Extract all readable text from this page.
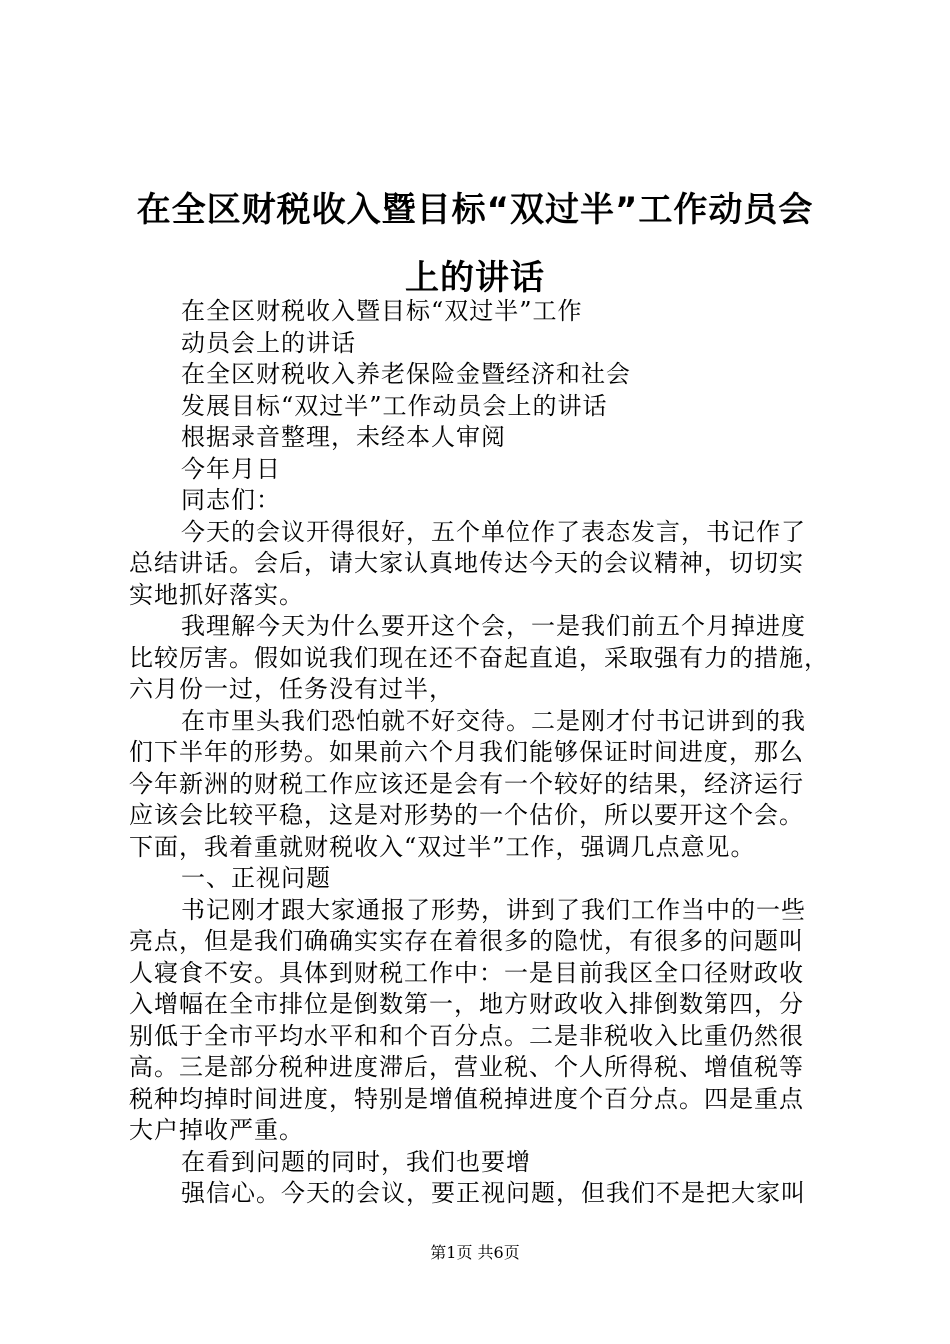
在全区财税收入暨目标“双过半”工作动员会
上的讲话
在全区财税收入暨目标“双过半”工作
动员会上的讲话
在全区财税收入养老保险金暨经济和社会
发展目标“双过半”工作动员会上的讲话
根据录音整理，未经本人审阅
今年月日
同志们：
今天的会议开得很好，五个单位作了表态发言，书记作了
总结讲话。会后，请大家认真地传达今天的会议精神，切切实
实地抓好落实。
我理解今天为什么要开这个会，一是我们前五个月掉进度
比较厉害。假如说我们现在还不奋起直追，采取强有力的措施，
六月份一过，任务没有过半，
在市里头我们恐怕就不好交待。二是刚才付书记讲到的我
们下半年的形势。如果前六个月我们能够保证时间进度，那么
今年新洲的财税工作应该还是会有一个较好的结果，经济运行
应该会比较平稳，这是对形势的一个估价，所以要开这个会。
下面，我着重就财税收入“双过半”工作，强调几点意见。
一、正视问题
书记刚才跟大家通报了形势，讲到了我们工作当中的一些
亮点，但是我们确确实实存在着很多的隐忧，有很多的问题叫
人寝食不安。具体到财税工作中：一是目前我区全口径财政收
入增幅在全市排位是倒数第一，地方财政收入排倒数第四，分
别低于全市平均水平和和个百分点。二是非税收入比重仍然很
高。三是部分税种进度滞后，营业税、个人所得税、增值税等
税种均掉时间进度，特别是增值税掉进度个百分点。四是重点
大户掉收严重。
在看到问题的同时，我们也要增
强信心。今天的会议，要正视问题，但我们不是把大家叫
第1页 共6页
